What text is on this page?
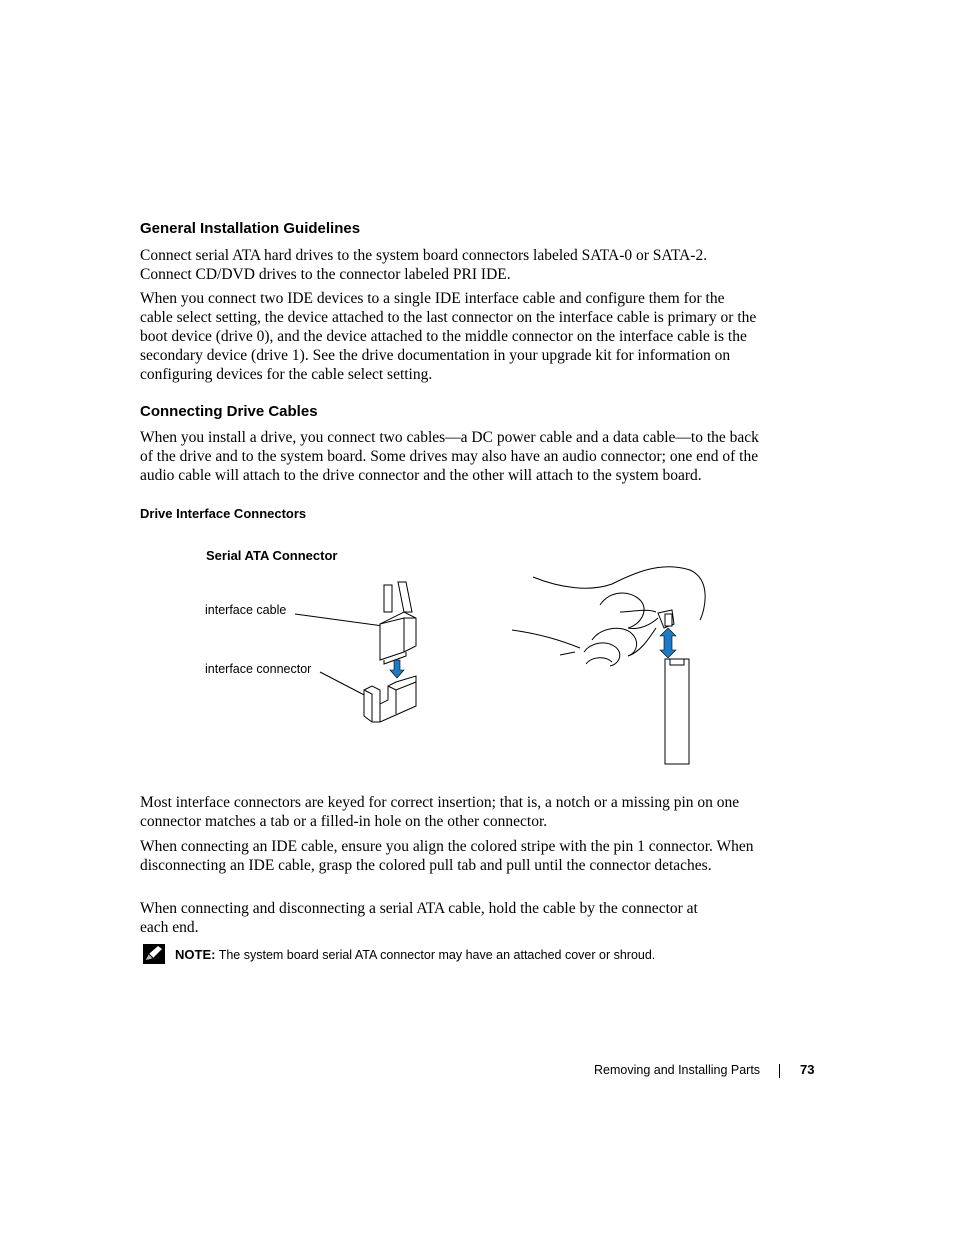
General Installation Guidelines

Connect serial ATA hard drives to the system board connectors labeled SATA-0 or SATA-2. Connect CD/DVD drives to the connector labeled PRI IDE.

When you connect two IDE devices to a single IDE interface cable and configure them for the cable select setting, the device attached to the last connector on the interface cable is primary or the boot device (drive 0), and the device attached to the middle connector on the interface cable is the secondary device (drive 1). See the drive documentation in your upgrade kit for information on configuring devices for the cable select setting.

Connecting Drive Cables

When you install a drive, you connect two cables—a DC power cable and a data cable—to the back of the drive and to the system board. Some drives may also have an audio connector; one end of the audio cable will attach to the drive connector and the other will attach to the system board.

Drive Interface Connectors
Serial ATA Connector
interface cable
interface connector

Most interface connectors are keyed for correct insertion; that is, a notch or a missing pin on one connector matches a tab or a filled-in hole on the other connector.

When connecting an IDE cable, ensure you align the colored stripe with the pin 1 connector. When disconnecting an IDE cable, grasp the colored pull tab and pull until the connector detaches.

When connecting and disconnecting a serial ATA cable, hold the cable by the connector at each end.

NOTE: The system board serial ATA connector may have an attached cover or shroud.
Removing and Installing Parts	73
